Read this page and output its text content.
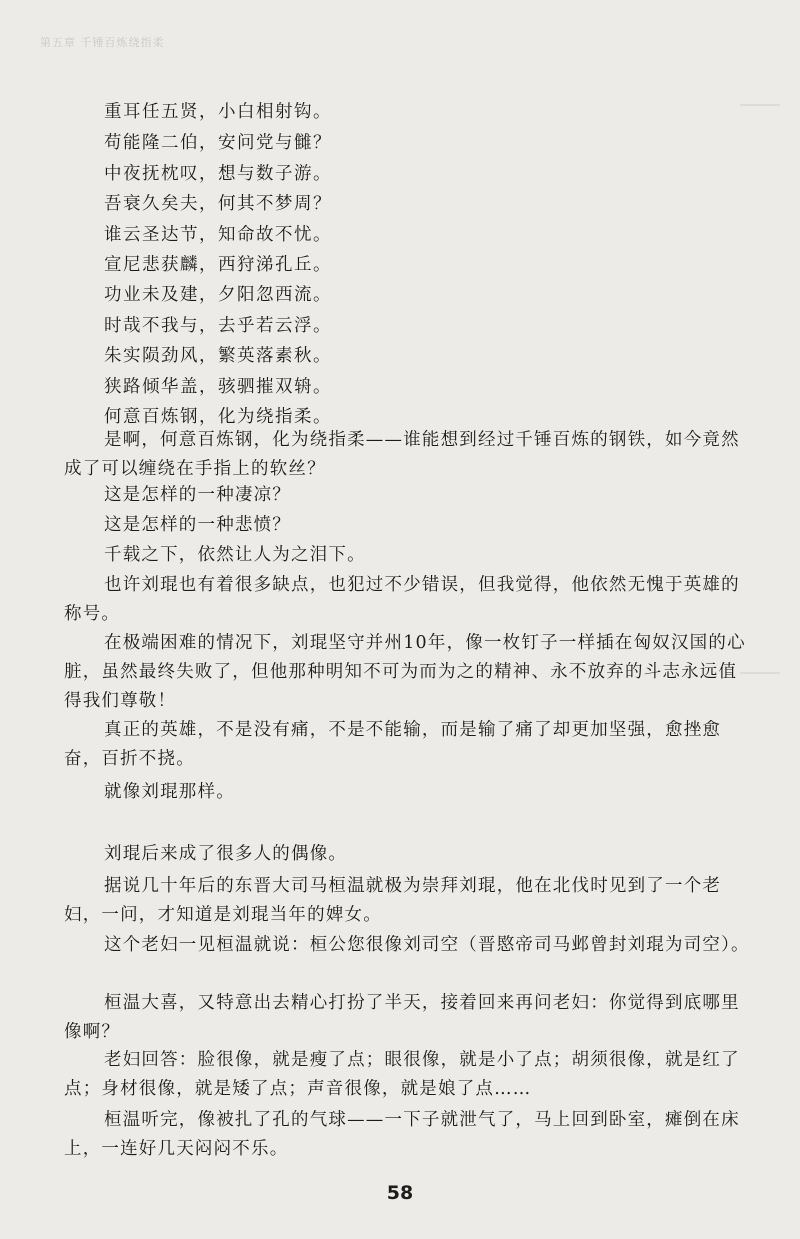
第五章 千锤百炼绕指柔
重耳任五贤，小白相射钩。
苟能隆二伯，安问党与雠？
中夜抚枕叹，想与数子游。
吾衰久矣夫，何其不梦周？
谁云圣达节，知命故不忧。
宣尼悲获麟，西狩涕孔丘。
功业未及建，夕阳忽西流。
时哉不我与，去乎若云浮。
朱实陨劲风，繁英落素秋。
狭路倾华盖，骇驷摧双辀。
何意百炼钢，化为绕指柔。

是啊，何意百炼钢，化为绕指柔——谁能想到经过千锤百炼的钢铁，如今竟然成了可以缠绕在手指上的软丝？

这是怎样的一种凄凉？

这是怎样的一种悲愤？

千载之下，依然让人为之泪下。

也许刘琨也有着很多缺点，也犯过不少错误，但我觉得，他依然无愧于英雄的称号。

在极端困难的情况下，刘琨坚守并州10年，像一枚钉子一样插在匈奴汉国的心脏，虽然最终失败了，但他那种明知不可为而为之的精神、永不放弃的斗志永远值得我们尊敬！

真正的英雄，不是没有痛，不是不能输，而是输了痛了却更加坚强，愈挫愈奋，百折不挠。

就像刘琨那样。

刘琨后来成了很多人的偶像。

据说几十年后的东晋大司马桓温就极为崇拜刘琨，他在北伐时见到了一个老妇，一问，才知道是刘琨当年的婢女。

这个老妇一见桓温就说：桓公您很像刘司空（晋愍帝司马邺曾封刘琨为司空）。

桓温大喜，又特意出去精心打扮了半天，接着回来再问老妇：你觉得到底哪里像啊？

老妇回答：脸很像，就是瘦了点；眼很像，就是小了点；胡须很像，就是红了点；身材很像，就是矮了点；声音很像，就是娘了点……

桓温听完，像被扎了孔的气球——一下子就泄气了，马上回到卧室，瘫倒在床上，一连好几天闷闷不乐。

58
